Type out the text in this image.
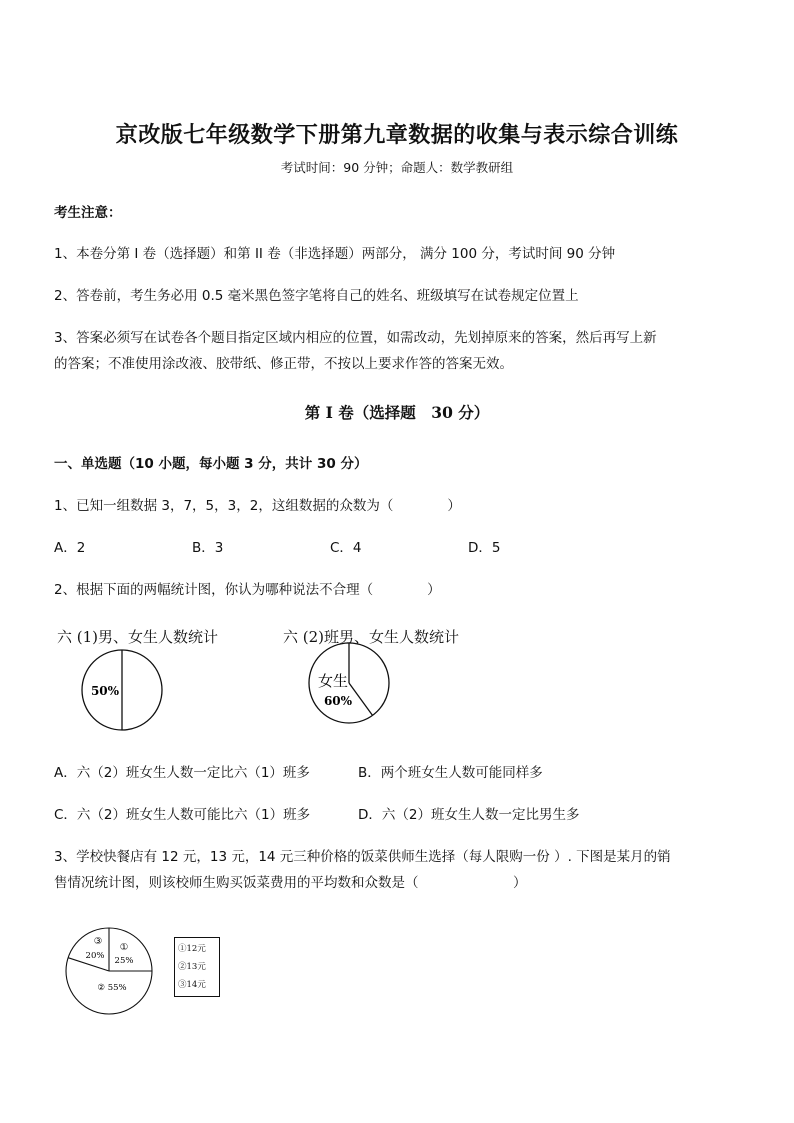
京改版七年级数学下册第九章数据的收集与表示综合训练
考试时间：90 分钟；命题人：数学教研组
考生注意：
1、本卷分第 I 卷（选择题）和第 II 卷（非选择题）两部分， 满分 100 分，考试时间 90 分钟
2、答卷前，考生务必用 0.5 毫米黑色签字笔将自己的姓名、班级填写在试卷规定位置上
3、答案必须写在试卷各个题目指定区域内相应的位置，如需改动，先划掉原来的答案，然后再写上新
的答案；不准使用涂改液、胶带纸、修正带，不按以上要求作答的答案无效。
第 I 卷（选择题　30 分）
一、单选题（10 小题，每小题 3 分，共计 30 分）
1、已知一组数据 3，7，5，3，2，这组数据的众数为（　　　　）
A．2	B．3	C．4	D．5
2、根据下面的两幅统计图，你认为哪种说法不合理（　　　　）
六 (1)男、女生人数统计
50%
六 (2)班男、女生人数统计
女生
60%
A．六（2）班女生人数一定比六（1）班多	B．两个班女生人数可能同样多
C．六（2）班女生人数可能比六（1）班多	D．六（2）班女生人数一定比男生多
3、学校快餐店有 12 元，13 元，14 元三种价格的饭菜供师生选择（每人限购一份 ）. 下图是某月的销
售情况统计图，则该校师生购买饭菜费用的平均数和众数是（　　　　　　　）
①
25%
③
20%
② 55%
①12元
②13元
③14元
